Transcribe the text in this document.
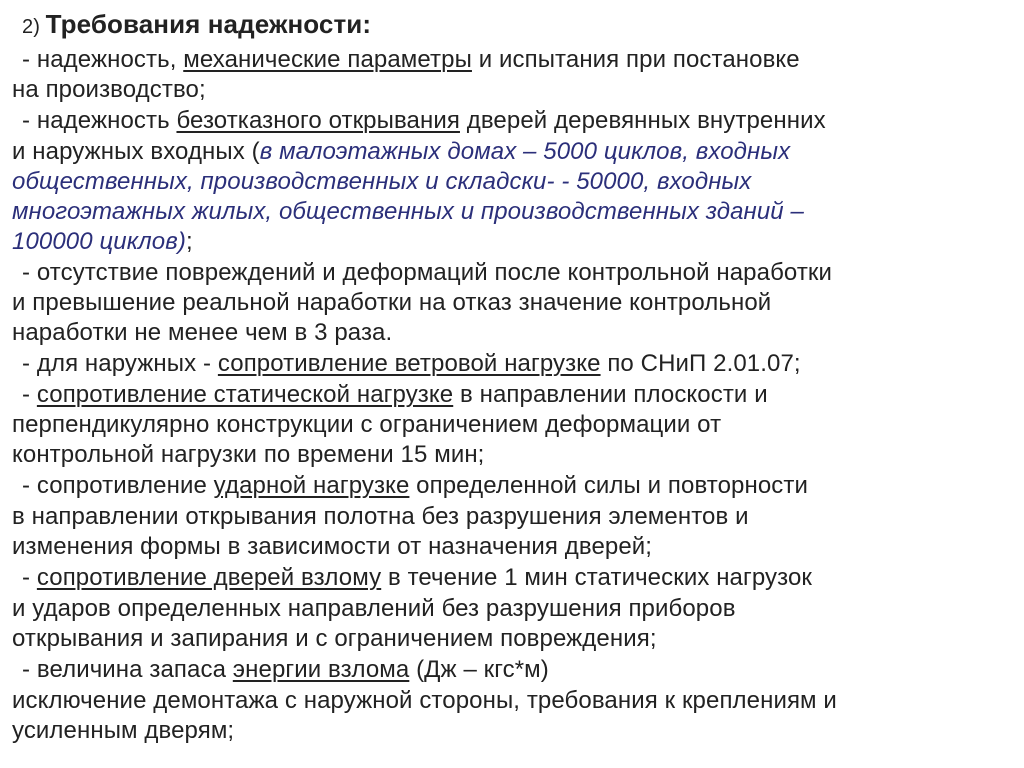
2) Требования надежности:
- надежность, механические параметры и испытания при постановке
на производство;
- надежность безотказного открывания дверей деревянных внутренних
и наружных входных (в малоэтажных домах – 5000 циклов, входных
общественных, производственных и складски- - 50000, входных
многоэтажных жилых, общественных и производственных зданий –
100000 циклов);
- отсутствие повреждений и деформаций после контрольной наработки
и превышение реальной наработки на отказ значение контрольной
наработки не менее чем в 3 раза.
- для наружных - сопротивление ветровой нагрузке по СНиП 2.01.07;
- сопротивление статической нагрузке в направлении плоскости и
перпендикулярно конструкции с ограничением деформации от
контрольной нагрузки по времени 15 мин;
- сопротивление ударной нагрузке определенной силы и повторности
в направлении открывания полотна без разрушения элементов и
изменения формы в зависимости от назначения дверей;
- сопротивление дверей взлому в течение 1 мин статических нагрузок
и ударов определенных направлений без разрушения приборов
открывания и запирания и с ограничением повреждения;
- величина запаса энергии взлома (Дж – кгс*м)
исключение демонтажа с наружной стороны, требования к креплениям и
усиленным дверям;
